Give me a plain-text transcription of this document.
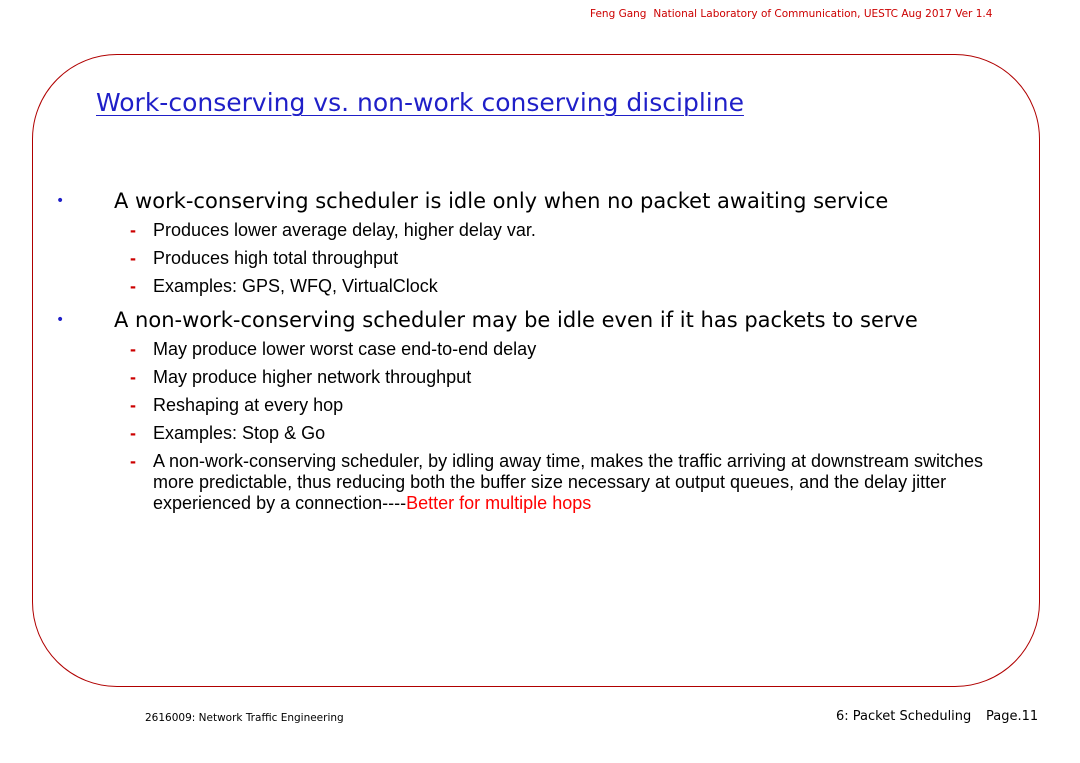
Feng Gang National Laboratory of Communication, UESTC Aug 2017 Ver 1.4
Work-conserving vs. non-work conserving discipline
• A work-conserving scheduler is idle only when no packet awaiting service
- Produces lower average delay, higher delay var.
- Produces high total throughput
- Examples: GPS, WFQ, VirtualClock
• A non-work-conserving scheduler may be idle even if it has packets to serve
- May produce lower worst case end-to-end delay
- May produce higher network throughput
- Reshaping at every hop
- Examples: Stop & Go
- A non-work-conserving scheduler, by idling away time, makes the traffic arriving at downstream switches more predictable, thus reducing both the buffer size necessary at output queues, and the delay jitter experienced by a connection----Better for multiple hops
2616009: Network Traffic Engineering	6: Packet Scheduling Page.11
